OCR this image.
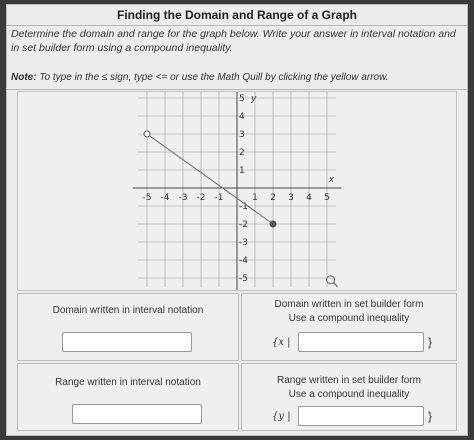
Finding the Domain and Range of a Graph
Determine the domain and range for the graph below. Write your answer in interval notation and in set builder form using a compound inequality.
Note: To type in the ≤ sign, type <= or use the Math Quill by clicking the yellow arrow.
-5 -4 -3 -2 -1	1 2 3 4 5
5
4
3
2
1
-1
-2
-3
-4
-5
x
y
Domain written in interval notation
Domain written in set builder form
Use a compound inequality
{x |	}
Range written in interval notation	Range written in set builder form
Use a compound inequality
{y |	}
